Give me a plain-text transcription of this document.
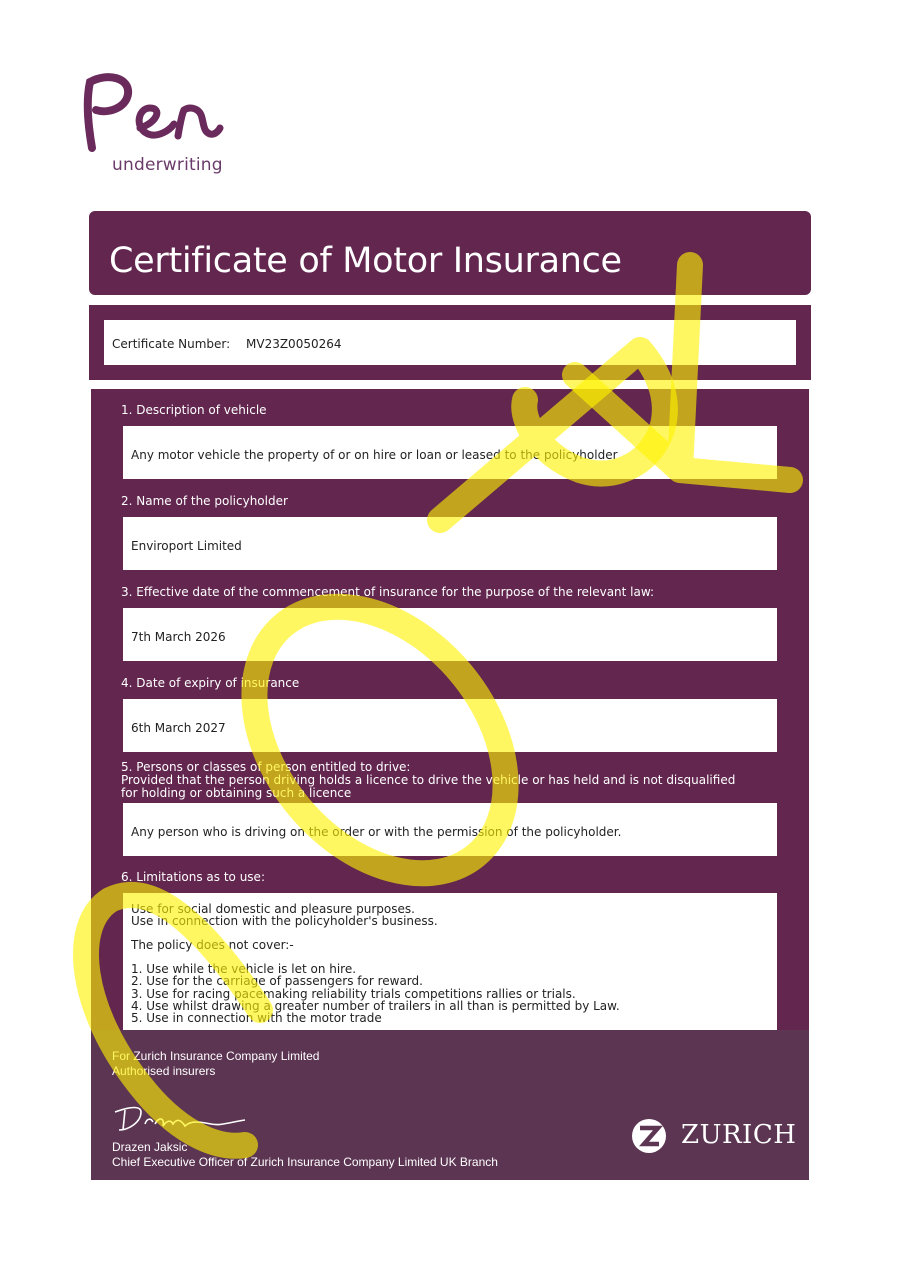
underwriting
Certificate of Motor Insurance
Certificate Number: MV23Z0050264
1. Description of vehicle
Any motor vehicle the property of or on hire or loan or leased to the policyholder
2. Name of the policyholder
Enviroport Limited
3. Effective date of the commencement of insurance for the purpose of the relevant law:
7th March 2026
4. Date of expiry of insurance
6th March 2027
5. Persons or classes of person entitled to drive:
Provided that the person driving holds a licence to drive the vehicle or has held and is not disqualified
for holding or obtaining such a licence
Any person who is driving on the order or with the permission of the policyholder.
6. Limitations as to use:
Use for social domestic and pleasure purposes.
Use in connection with the policyholder's business.
The policy does not cover:-
1. Use while the vehicle is let on hire.
2. Use for the carriage of passengers for reward.
3. Use for racing pacemaking reliability trials competitions rallies or trials.
4. Use whilst drawing a greater number of trailers in all than is permitted by Law.
5. Use in connection with the motor trade
For Zurich Insurance Company Limited
Authorised insurers
Drazen Jaksic
Chief Executive Officer of Zurich Insurance Company Limited UK Branch
ZURICH
